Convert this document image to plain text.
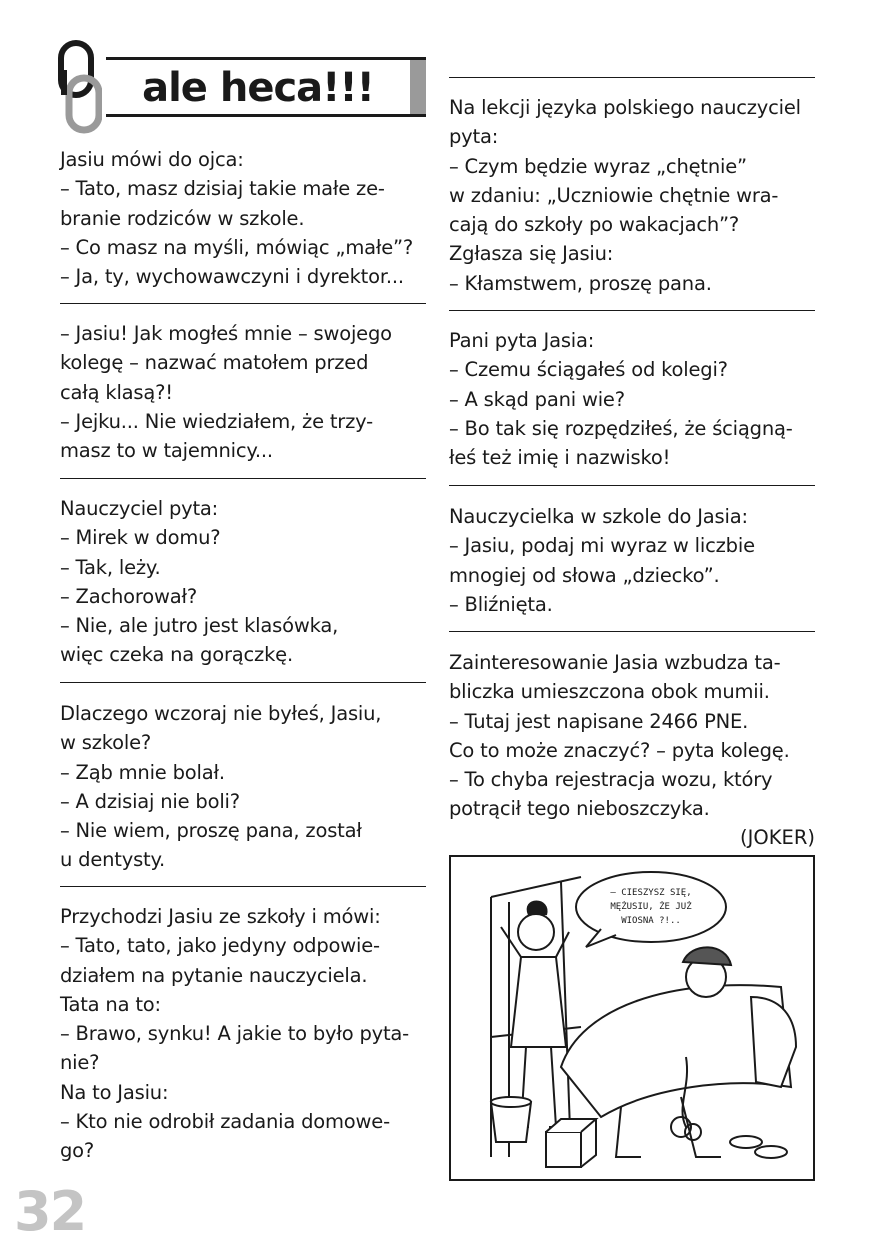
ale heca!!!

Jasiu mówi do ojca:

– Tato, masz dzisiaj takie małe ze-

branie rodziców w szkole.

– Co masz na myśli, mówiąc „małe”?

– Ja, ty, wychowawczyni i dyrektor...

– Jasiu! Jak mogłeś mnie – swojego

kolegę – nazwać matołem przed

całą klasą?!

– Jejku... Nie wiedziałem, że trzy-

masz to w tajemnicy...

Nauczyciel pyta:

– Mirek w domu?

– Tak, leży.

– Zachorował?

– Nie, ale jutro jest klasówka,

więc czeka na gorączkę.

Dlaczego wczoraj nie byłeś, Jasiu,

w szkole?

– Ząb mnie bolał.

– A dzisiaj nie boli?

– Nie wiem, proszę pana, został

u dentysty.

Przychodzi Jasiu ze szkoły i mówi:

– Tato, tato, jako jedyny odpowie-

działem na pytanie nauczyciela.

Tata na to:

– Brawo, synku! A jakie to było pyta-

nie?

Na to Jasiu:

– Kto nie odrobił zadania domowe-

go?

Na lekcji języka polskiego nauczyciel

pyta:

– Czym będzie wyraz „chętnie”

w zdaniu: „Uczniowie chętnie wra-

cają do szkoły po wakacjach”?

Zgłasza się Jasiu:

– Kłamstwem, proszę pana.

Pani pyta Jasia:

– Czemu ściągałeś od kolegi?

– A skąd pani wie?

– Bo tak się rozpędziłeś, że ściągną-

łeś też imię i nazwisko!

Nauczycielka w szkole do Jasia:

– Jasiu, podaj mi wyraz w liczbie

mnogiej od słowa „dziecko”.

– Bliźnięta.

Zainteresowanie Jasia wzbudza ta-

bliczka umieszczona obok mumii.

– Tutaj jest napisane 2466 PNE.

Co to może znaczyć? – pyta kolegę.

– To chyba rejestracja wozu, który

potrącił tego nieboszczyka.

(JOKER)
– CIESZYSZ SIĘ,
MĘŻUSIU, ŻE JUŻ
WIOSNA ?!..
32
